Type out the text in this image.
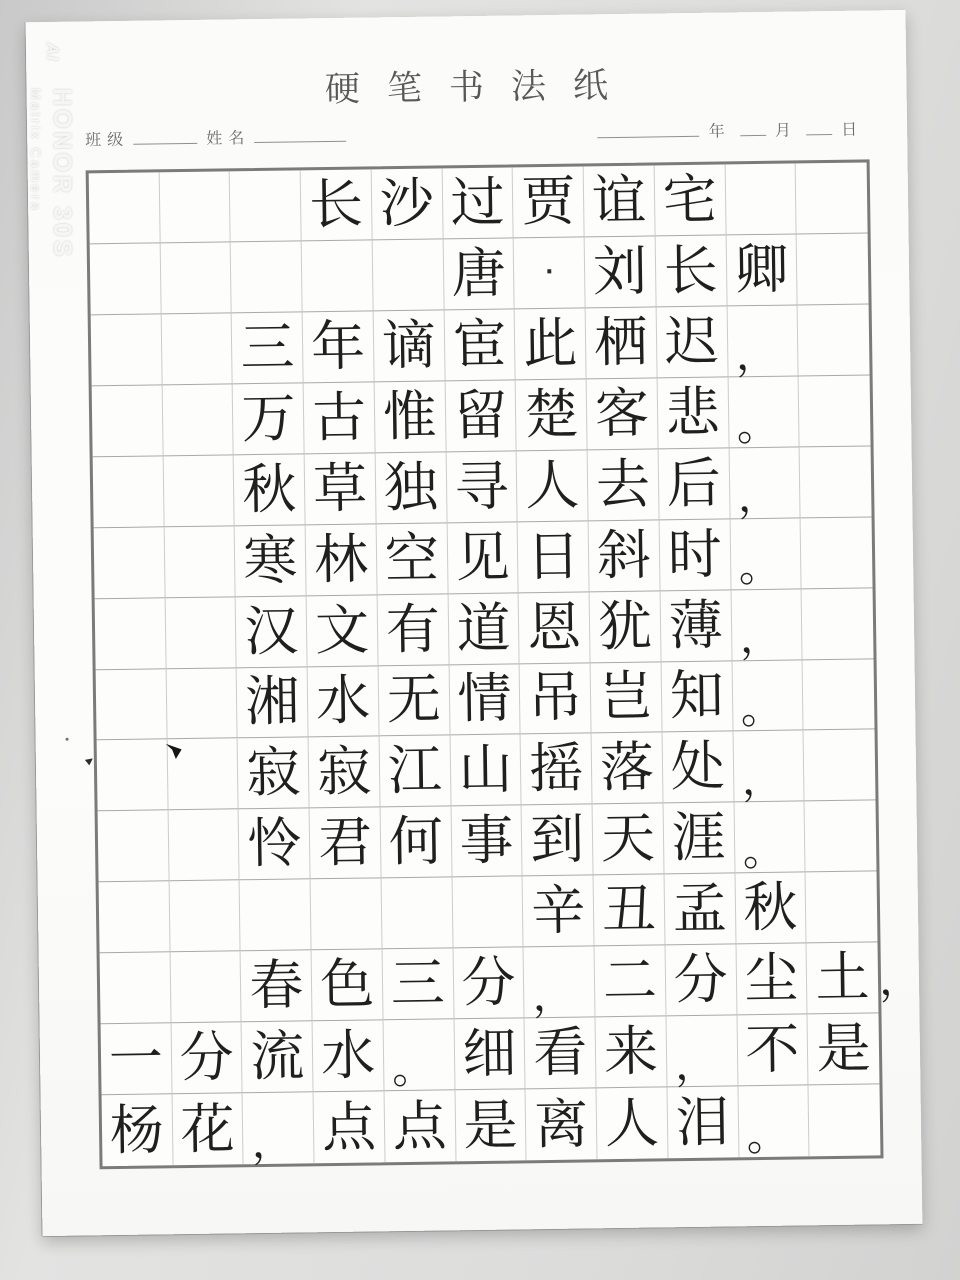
硬笔书法纸
班级	姓名	年	月	日
长 沙 过 贾 谊 宅
唐 · 刘 长 卿
三 年 谪 宦 此 栖 迟 ，
万 古 惟 留 楚 客 悲 。
秋 草 独 寻 人 去 后 ，
寒 林 空 见 日 斜 时 。
汉 文 有 道 恩 犹 薄 ，
湘 水 无 情 吊 岂 知 。
寂 寂 江 山 摇 落 处 ，
怜 君 何 事 到 天 涯 。
辛 丑 孟 秋
春 色 三 分 ， 二 分 尘 土
一 分 流 水 。 细 看 来 ， 不 是
杨 花 ， 点 点 是 离 人 泪 。
，
AI
HONOR 30S
Matrix Camera
